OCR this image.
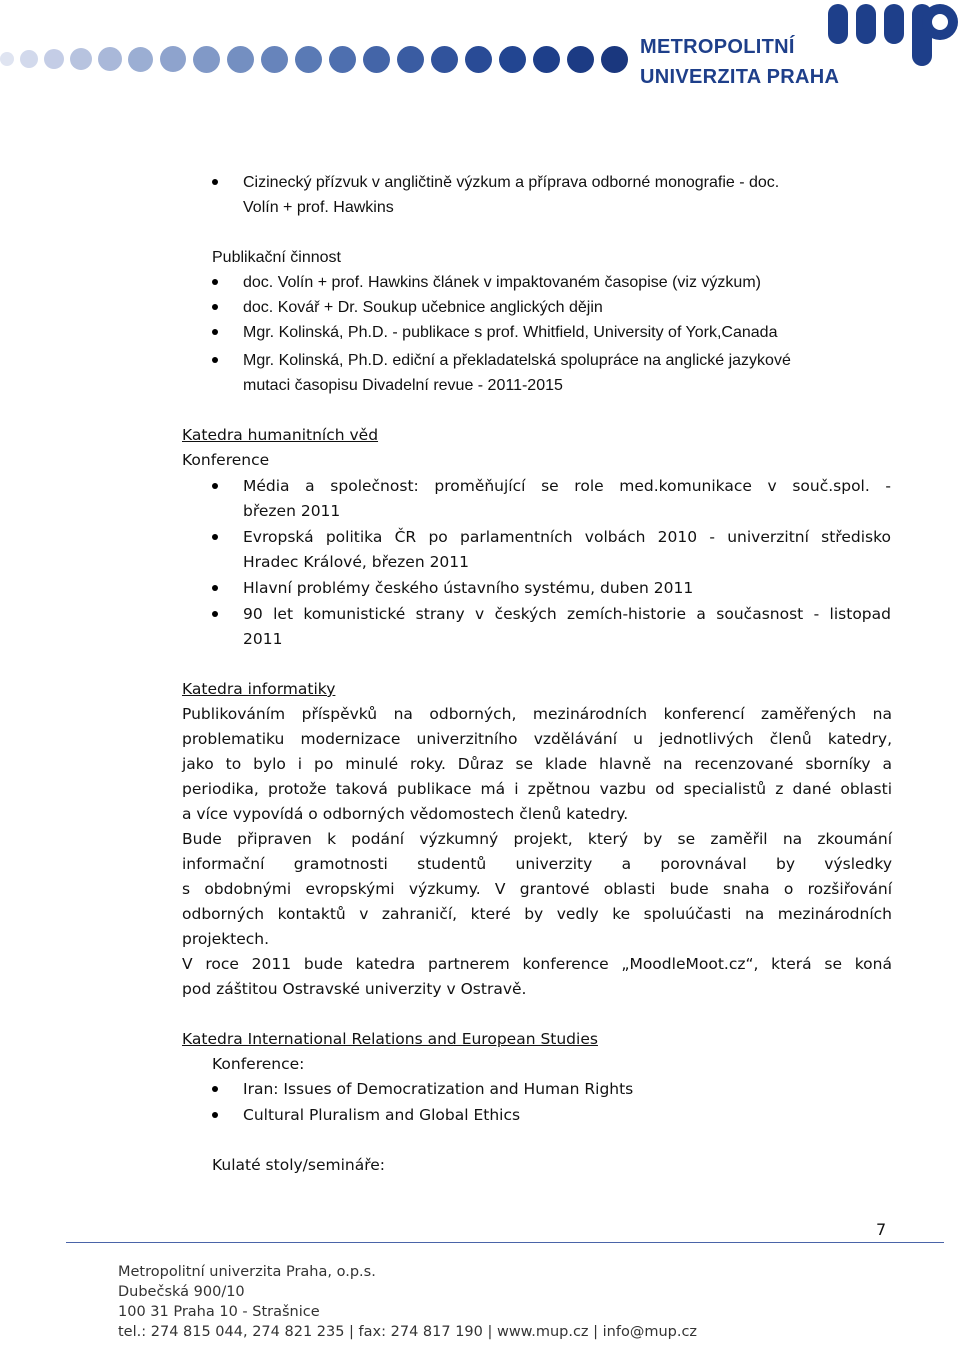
METROPOLITNÍ
UNIVERZITA PRAHA
Cizinecký přízvuk v angličtině výzkum a příprava odborné monografie - doc.
Volín + prof. Hawkins
Publikační činnost
doc. Volín + prof. Hawkins článek v impaktovaném časopise (viz výzkum)
doc. Kovář + Dr. Soukup učebnice anglických dějin
Mgr. Kolinská, Ph.D. - publikace s prof. Whitfield, University of York,Canada
Mgr. Kolinská, Ph.D. ediční a překladatelská spolupráce na anglické jazykové
mutaci časopisu Divadelní revue - 2011-2015
Katedra humanitních věd
Konference
Média a společnost: proměňující se role med.komunikace v souč.spol. -
březen 2011
Evropská politika ČR po parlamentních volbách 2010 - univerzitní středisko
Hradec Králové, březen 2011
Hlavní problémy českého ústavního systému, duben 2011
90 let komunistické strany v českých zemích-historie a současnost - listopad
2011
Katedra informatiky
Publikováním příspěvků na odborných, mezinárodních konferencí zaměřených na
problematiku modernizace univerzitního vzdělávání u jednotlivých členů katedry,
jako to bylo i po minulé roky. Důraz se klade hlavně na recenzované sborníky a
periodika, protože taková publikace má i zpětnou vazbu od specialistů z dané oblasti
a více vypovídá o odborných vědomostech členů katedry.
Bude připraven k podání výzkumný projekt, který by se zaměřil na zkoumání
informační gramotnosti studentů univerzity a porovnával by výsledky
s obdobnými evropskými výzkumy. V grantové oblasti bude snaha o rozšiřování
odborných kontaktů v zahraničí, které by vedly ke spoluúčasti na mezinárodních
projektech.
V roce 2011 bude katedra partnerem konference „MoodleMoot.cz“, která se koná
pod záštitou Ostravské univerzity v Ostravě.
Katedra International Relations and European Studies
Konference:
Iran: Issues of Democratization and Human Rights
Cultural Pluralism and Global Ethics
Kulaté stoly/semináře:
7
Metropolitní univerzita Praha, o.p.s.
Dubečská 900/10
100 31 Praha 10 - Strašnice
tel.: 274 815 044, 274 821 235 | fax: 274 817 190 | www.mup.cz | info@mup.cz
